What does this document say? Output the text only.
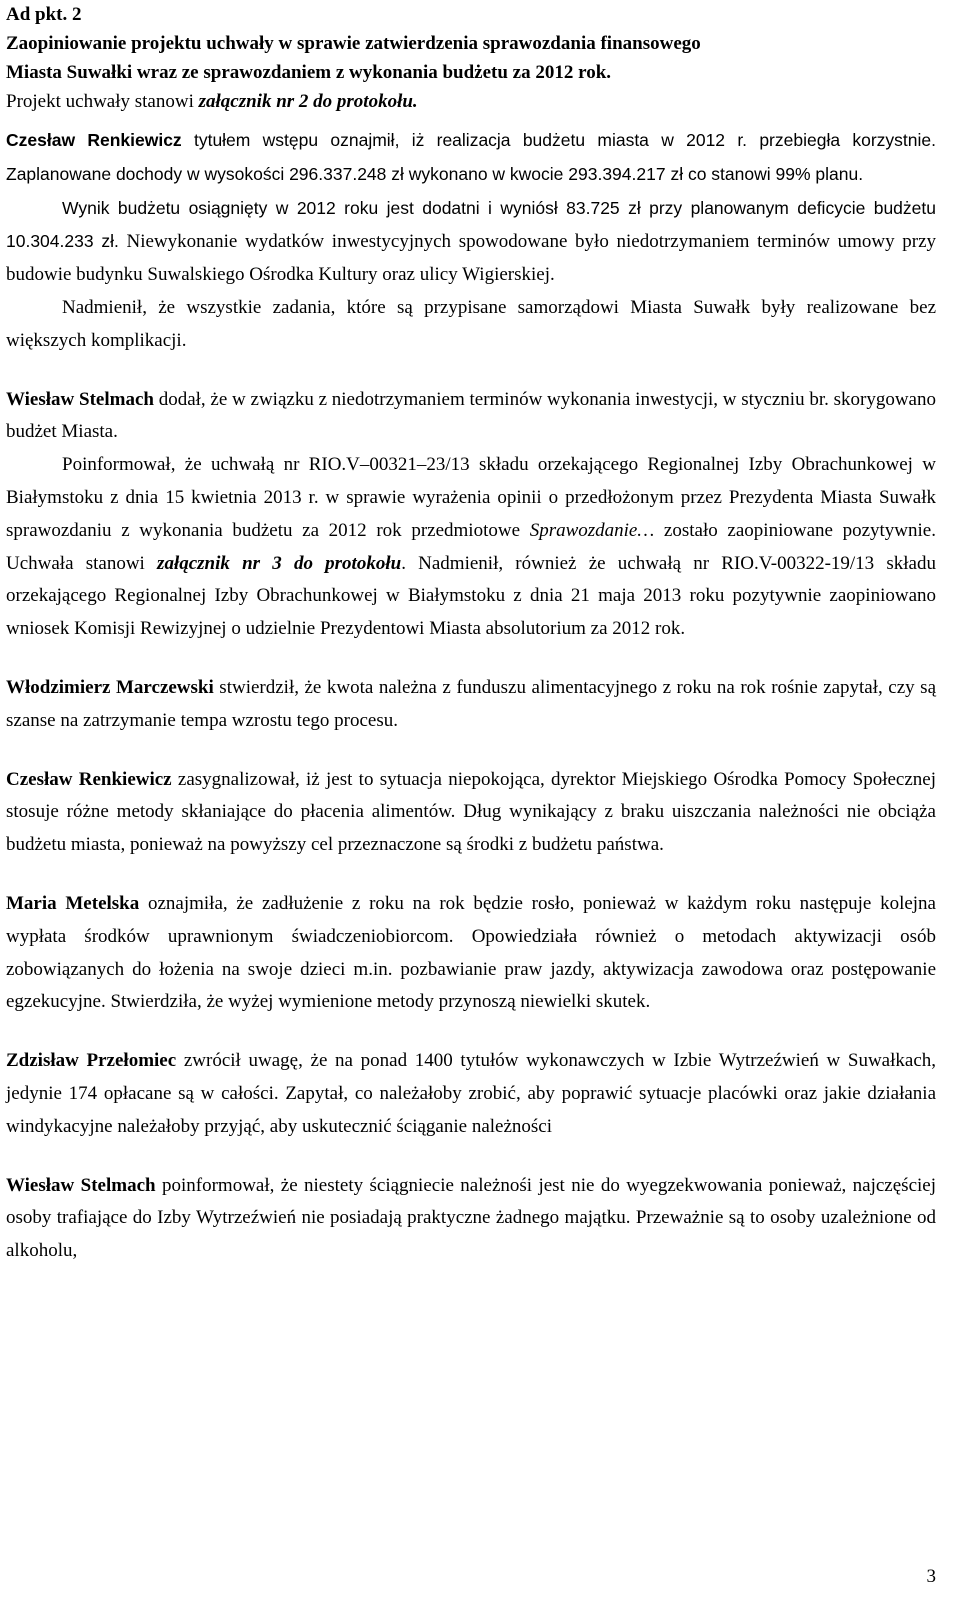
Ad pkt. 2

Zaopiniowanie projektu uchwały w sprawie zatwierdzenia sprawozdania finansowego

Miasta Suwałki wraz ze sprawozdaniem z wykonania budżetu za 2012 rok.

Projekt uchwały stanowi załącznik nr 2 do protokołu.

Czesław Renkiewicz tytułem wstępu oznajmił, iż realizacja budżetu miasta w 2012 r. przebiegła korzystnie. Zaplanowane dochody w wysokości 296.337.248 zł wykonano w kwocie 293.394.217 zł co stanowi 99% planu.

Wynik budżetu osiągnięty w 2012 roku jest dodatni i wyniósł 83.725 zł przy planowanym deficycie budżetu 10.304.233 zł. Niewykonanie wydatków inwestycyjnych spowodowane było niedotrzymaniem terminów umowy przy budowie budynku Suwalskiego Ośrodka Kultury oraz ulicy Wigierskiej.

Nadmienił, że wszystkie zadania, które są przypisane samorządowi Miasta Suwałk były realizowane bez większych komplikacji.

Wiesław Stelmach dodał, że w związku z niedotrzymaniem terminów wykonania inwestycji, w styczniu br. skorygowano budżet Miasta.

Poinformował, że uchwałą nr RIO.V–00321–23/13 składu orzekającego Regionalnej Izby Obrachunkowej w Białymstoku z dnia 15 kwietnia 2013 r. w sprawie wyrażenia opinii o przedłożonym przez Prezydenta Miasta Suwałk sprawozdaniu z wykonania budżetu za 2012 rok przedmiotowe Sprawozdanie… zostało zaopiniowane pozytywnie. Uchwała stanowi załącznik nr 3 do protokołu. Nadmienił, również że uchwałą nr RIO.V-00322-19/13 składu orzekającego Regionalnej Izby Obrachunkowej w Białymstoku z dnia 21 maja 2013 roku pozytywnie zaopiniowano wniosek Komisji Rewizyjnej o udzielnie Prezydentowi Miasta absolutorium za 2012 rok.

Włodzimierz Marczewski stwierdził, że kwota należna z funduszu alimentacyjnego z roku na rok rośnie zapytał, czy są szanse na zatrzymanie tempa wzrostu tego procesu.

Czesław Renkiewicz zasygnalizował, iż jest to sytuacja niepokojąca, dyrektor Miejskiego Ośrodka Pomocy Społecznej stosuje różne metody skłaniające do płacenia alimentów. Dług wynikający z braku uiszczania należności nie obciąża budżetu miasta, ponieważ na powyższy cel przeznaczone są środki z budżetu państwa.

Maria Metelska oznajmiła, że zadłużenie z roku na rok będzie rosło, ponieważ w każdym roku następuje kolejna wypłata środków uprawnionym świadczeniobiorcom. Opowiedziała również o metodach aktywizacji osób zobowiązanych do łożenia na swoje dzieci m.in. pozbawianie praw jazdy, aktywizacja zawodowa oraz postępowanie egzekucyjne. Stwierdziła, że wyżej wymienione metody przynoszą niewielki skutek.

Zdzisław Przełomiec zwrócił uwagę, że na ponad 1400 tytułów wykonawczych w Izbie Wytrzeźwień w Suwałkach, jedynie 174 opłacane są w całości. Zapytał, co należałoby zrobić, aby poprawić sytuacje placówki oraz jakie działania windykacyjne należałoby przyjąć, aby uskutecznić ściąganie należności

Wiesław Stelmach poinformował, że niestety ściągniecie należnośi jest nie do wyegzekwowania ponieważ, najczęściej osoby trafiające do Izby Wytrzeźwień nie posiadają praktyczne żadnego majątku. Przeważnie są to osoby uzależnione od alkoholu,

3
